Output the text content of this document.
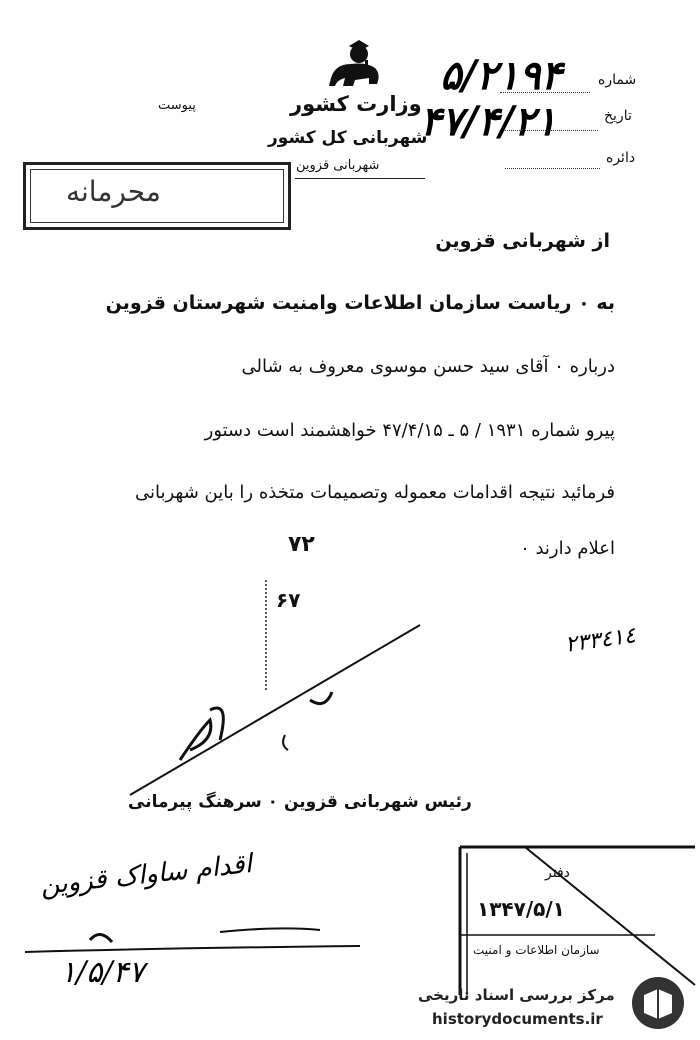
وزارت کشور
شهربانی کل کشور
شهربانی قزوین
پیوست
شماره
تاریخ
دائره
۵/۲۱۹۴
۴۷/۴/۲۱
محرمانه
از شهربانی قزوین
به ۰ ریاست سازمان اطلاعات وامنیت شهرستان قزوین
درباره ۰ آقای سید حسن موسوی معروف به شالی
پیرو شماره ۱۹۳۱ / ۵ ـ ۴۷/۴/۱۵ خواهشمند است دستور
فرمائید نتیجه اقدامات معموله وتصمیمات متخذه را باین شهربانی
اعلام دارند ۰
۷۲
۶۷
۲۳۳٤١٤
رئیس شهربانی قزوین ۰ سرهنگ پیرمانی
اقدام ساواک قزوین
۱/۵/۴۷
دفتر
۱۳۴۷/۵/۱
سازمان اطلاعات و امنیت
مرکز بررسی اسناد تاریخی
historydocuments.ir
